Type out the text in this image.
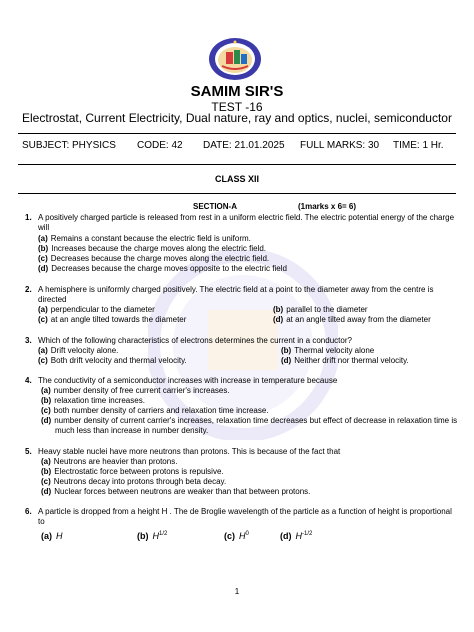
SAMIM SIR'S
TEST -16
Electrostat, Current Electricity, Dual nature, ray and optics, nuclei, semiconductor
SUBJECT: PHYSICS CODE: 42 DATE: 21.01.2025 FULL MARKS: 30 TIME: 1 Hr.
CLASS XII
SECTION-A	(1marks x 6= 6)
1. A positively charged particle is released from rest in a uniform electric field. The electric potential energy of the charge will
(a) Remains a constant because the electric field is uniform.
(b) Increases because the charge moves along the electric field.
(c) Decreases because the charge moves along the electric field.
(d) Decreases because the charge moves opposite to the electric field
2. A hemisphere is uniformly charged positively. The electric field at a point to the diameter away from the centre is directed
(a) perpendicular to the diameter	(b) parallel to the diameter
(c) at an angle tilted towards the diameter	(d) at an angle tilted away from the diameter
3. Which of the following characteristics of electrons determines the current in a conductor?
(a) Drift velocity alone.	(b) Thermal velocity alone
(c) Both drift velocity and thermal velocity.	(d) Neither drift nor thermal velocity.
4. The conductivity of a semiconductor increases with increase in temperature because
(a) number density of free current carrier's increases.
(b) relaxation time increases.
(c) both number density of carriers and relaxation time increase.
(d) number density of current carrier's increases, relaxation time decreases but effect of decrease in relaxation time is much less than increase in number density.
5. Heavy stable nuclei have more neutrons than protons. This is because of the fact that
(a) Neutrons are heavier than protons.
(b) Electrostatic force between protons is repulsive.
(c) Neutrons decay into protons through beta decay.
(d) Nuclear forces between neutrons are weaker than that between protons.
6. A particle is dropped from a height H . The de Broglie wavelength of the particle as a function of height is proportional to
(a) H	(b) $H^{1/2}$	(c) $H^0$	(d) $H^{-1/2}$
1
